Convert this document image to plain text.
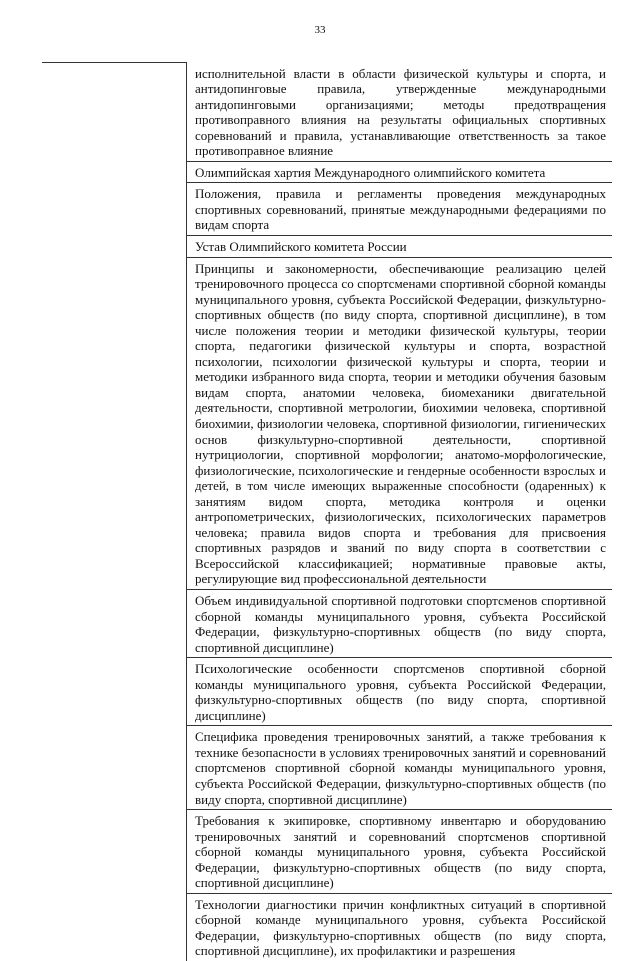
33

исполнительной власти в области физической культуры и спорта, и антидопинговые правила, утвержденные международными антидопинговыми организациями; методы предотвращения противоправного влияния на результаты официальных спортивных соревнований и правила, устанавливающие ответственность за такое противоправное влияние

Олимпийская хартия Международного олимпийского комитета

Положения, правила и регламенты проведения международных спортивных соревнований, принятые международными федерациями по видам спорта

Устав Олимпийского комитета России

Принципы и закономерности, обеспечивающие реализацию целей тренировочного процесса со спортсменами спортивной сборной команды муниципального уровня, субъекта Российской Федерации, физкультурно-спортивных обществ (по виду спорта, спортивной дисциплине), в том числе положения теории и методики физической культуры, теории спорта, педагогики физической культуры и спорта, возрастной психологии, психологии физической культуры и спорта, теории и методики избранного вида спорта, теории и методики обучения базовым видам спорта, анатомии человека, биомеханики двигательной деятельности, спортивной метрологии, биохимии человека, спортивной биохимии, физиологии человека, спортивной физиологии, гигиенических основ физкультурно-спортивной деятельности, спортивной нутрициологии, спортивной морфологии; анатомо-морфологические, физиологические, психологические и гендерные особенности взрослых и детей, в том числе имеющих выраженные способности (одаренных) к занятиям видом спорта, методика контроля и оценки антропометрических, физиологических, психологических параметров человека; правила видов спорта и требования для присвоения спортивных разрядов и званий по виду спорта в соответствии с Всероссийской классификацией; нормативные правовые акты, регулирующие вид профессиональной деятельности

Объем индивидуальной спортивной подготовки спортсменов спортивной сборной команды муниципального уровня, субъекта Российской Федерации, физкультурно-спортивных обществ (по виду спорта, спортивной дисциплине)

Психологические особенности спортсменов спортивной сборной команды муниципального уровня, субъекта Российской Федерации, физкультурно-спортивных обществ (по виду спорта, спортивной дисциплине)

Специфика проведения тренировочных занятий, а также требования к технике безопасности в условиях тренировочных занятий и соревнований спортсменов спортивной сборной команды муниципального уровня, субъекта Российской Федерации, физкультурно-спортивных обществ (по виду спорта, спортивной дисциплине)

Требования к экипировке, спортивному инвентарю и оборудованию тренировочных занятий и соревнований спортсменов спортивной сборной команды муниципального уровня, субъекта Российской Федерации, физкультурно-спортивных обществ (по виду спорта, спортивной дисциплине)

Технологии диагностики причин конфликтных ситуаций в спортивной сборной команде муниципального уровня, субъекта Российской Федерации, физкультурно-спортивных обществ (по виду спорта, спортивной дисциплине), их профилактики и разрешения
